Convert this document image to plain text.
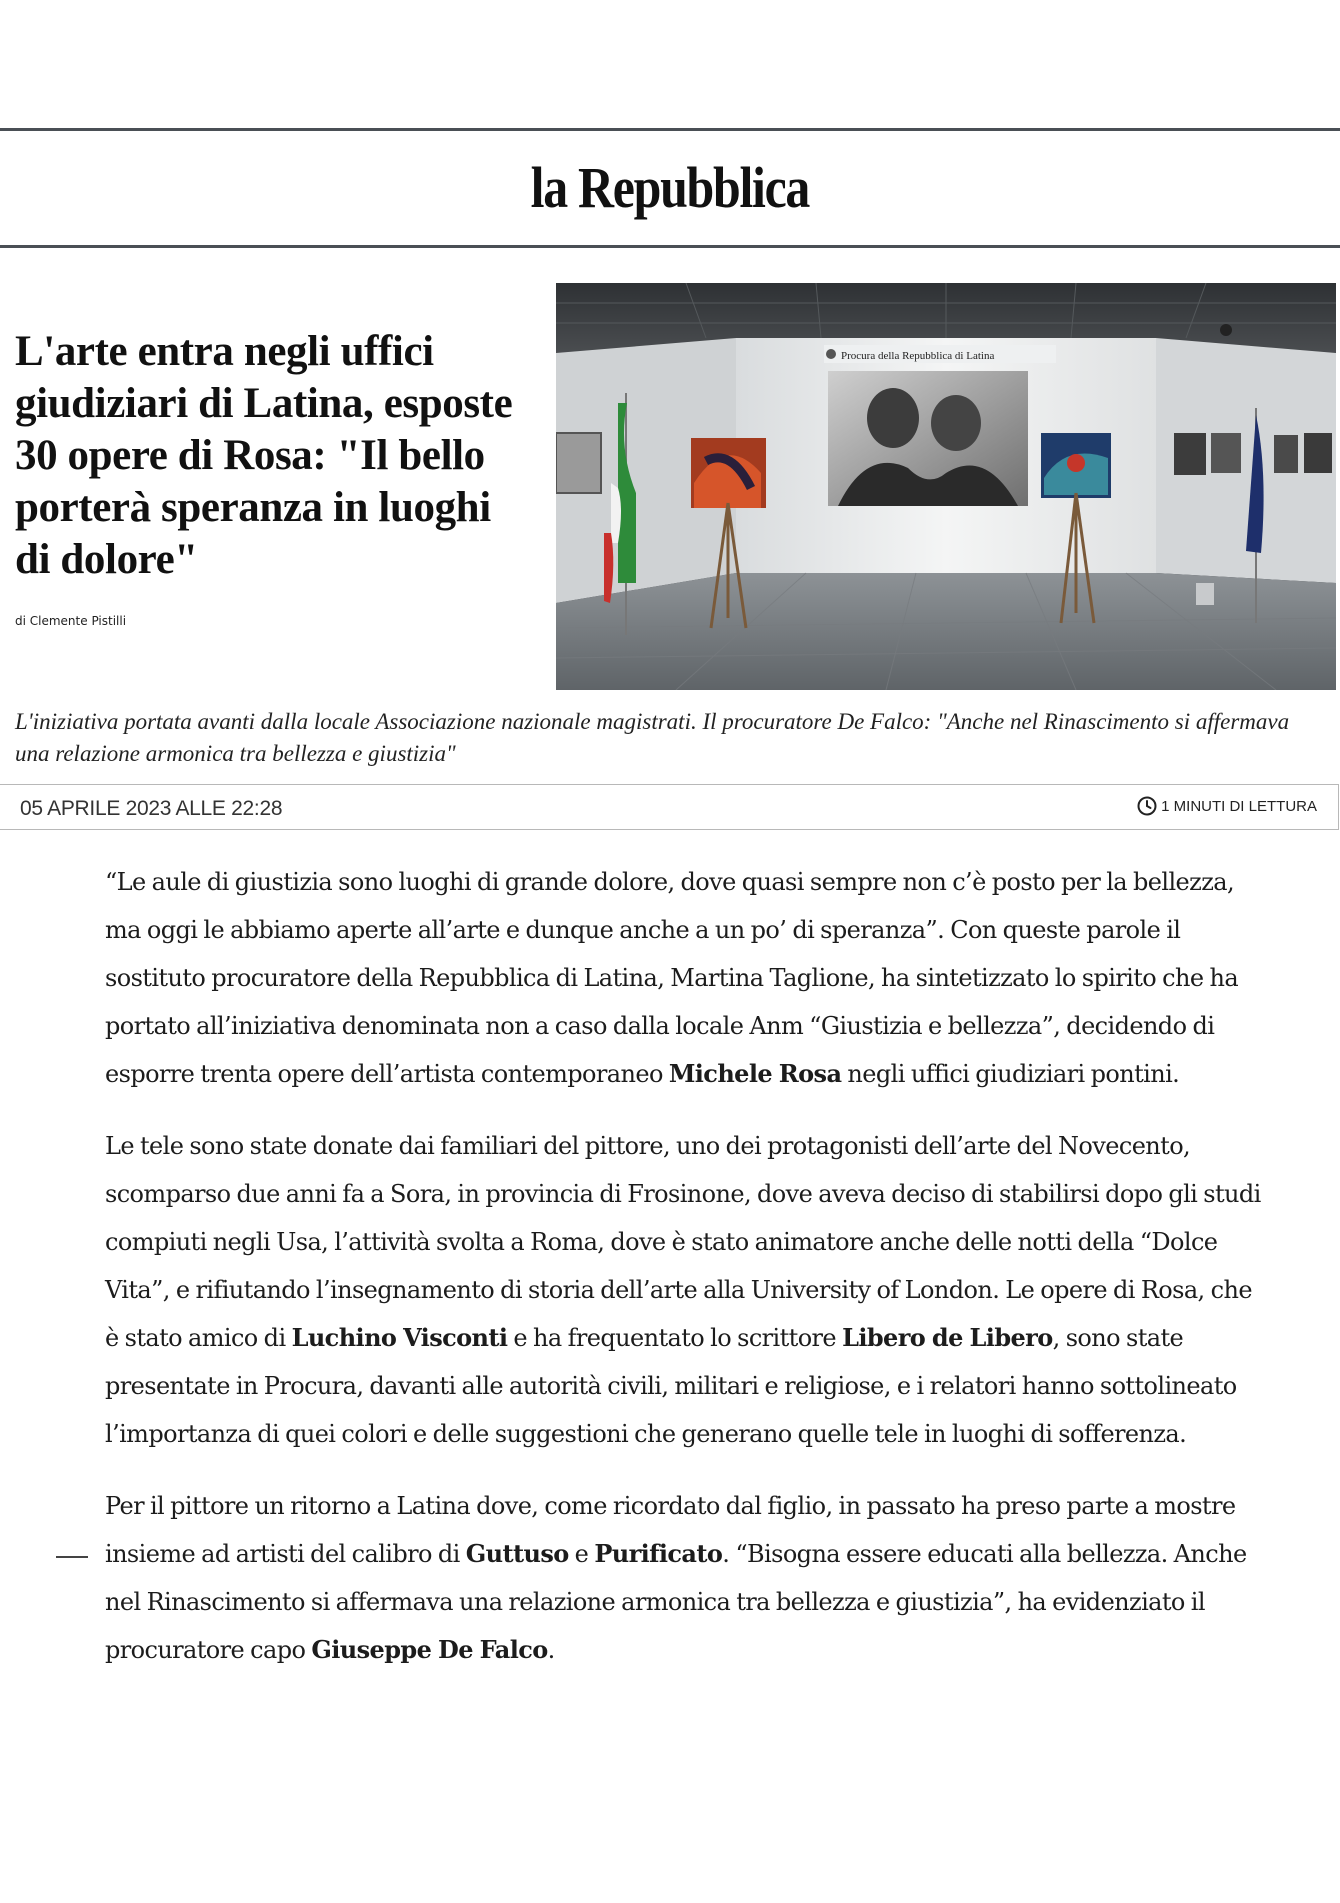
la Repubblica
L'arte entra negli uffici giudiziari di Latina, esposte 30 opere di Rosa: "Il bello porterà speranza in luoghi di dolore"
di Clemente Pistilli
Procura della Repubblica di Latina

L'iniziativa portata avanti dalla locale Associazione nazionale magistrati. Il procuratore De Falco: "Anche nel Rinascimento si affermava una relazione armonica tra bellezza e giustizia"

05 APRILE 2023 ALLE 22:28	1 MINUTI DI LETTURA

“Le aule di giustizia sono luoghi di grande dolore, dove quasi sempre non c’è posto per la bellezza, ma oggi le abbiamo aperte all’arte e dunque anche a un po’ di speranza”. Con queste parole il sostituto procuratore della Repubblica di Latina, Martina Taglione, ha sintetizzato lo spirito che ha portato all’iniziativa denominata non a caso dalla locale Anm “Giustizia e bellezza”, decidendo di esporre trenta opere dell’artista contemporaneo Michele Rosa negli uffici giudiziari pontini.

Le tele sono state donate dai familiari del pittore, uno dei protagonisti dell’arte del Novecento, scomparso due anni fa a Sora, in provincia di Frosinone, dove aveva deciso di stabilirsi dopo gli studi compiuti negli Usa, l’attività svolta a Roma, dove è stato animatore anche delle notti della “Dolce Vita”, e rifiutando l’insegnamento di storia dell’arte alla University of London. Le opere di Rosa, che è stato amico di Luchino Visconti e ha frequentato lo scrittore Libero de Libero, sono state presentate in Procura, davanti alle autorità civili, militari e religiose, e i relatori hanno sottolineato l’importanza di quei colori e delle suggestioni che generano quelle tele in luoghi di sofferenza.

Per il pittore un ritorno a Latina dove, come ricordato dal figlio, in passato ha preso parte a mostre insieme ad artisti del calibro di Guttuso e Purificato. “Bisogna essere educati alla bellezza. Anche nel Rinascimento si affermava una relazione armonica tra bellezza e giustizia”, ha evidenziato il procuratore capo Giuseppe De Falco.
